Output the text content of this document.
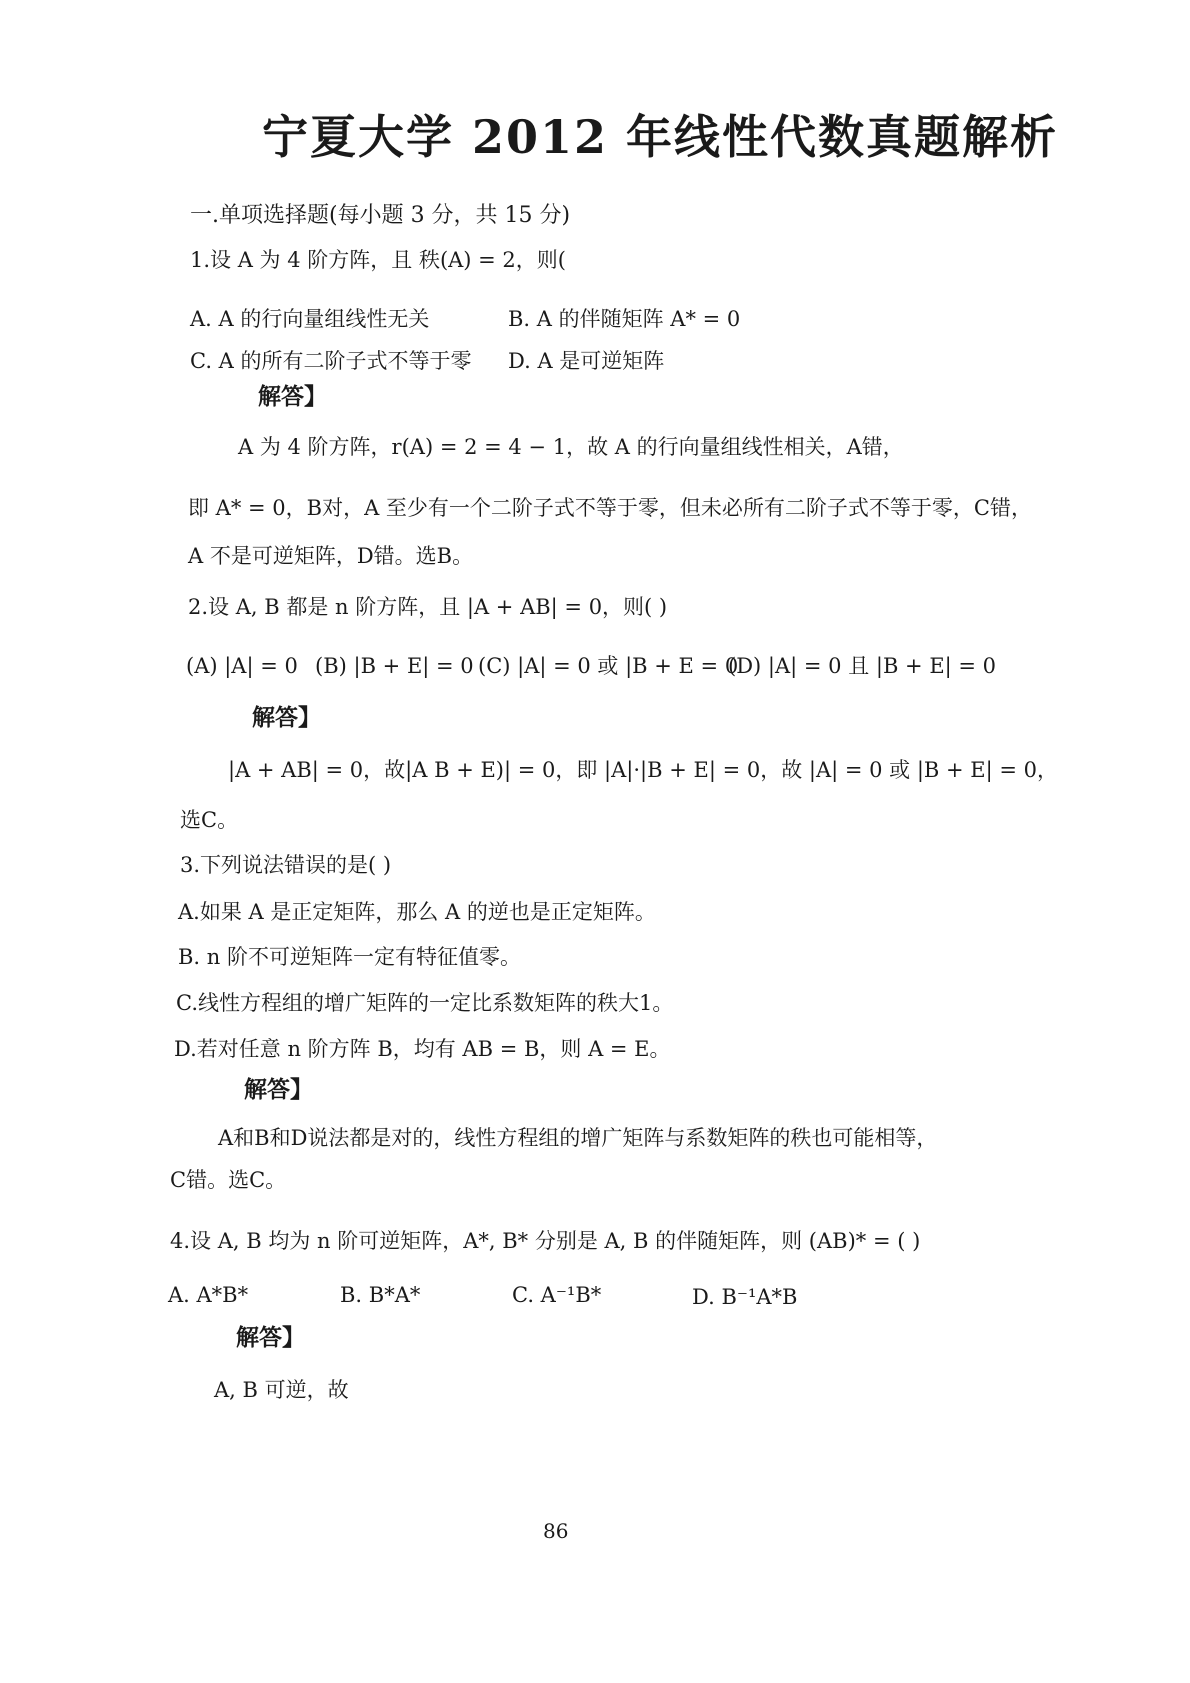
宁夏大学 2012 年线性代数真题解析
一.单项选择题(每小题 3 分，共 15 分)
1.设 A 为 4 阶方阵，且 秩(A) = 2，则(
A. A 的行向量组线性无关	B. A 的伴随矩阵 A* = 0
C. A 的所有二阶子式不等于零 D. A 是可逆矩阵
解答】
A 为 4 阶方阵，r(A) = 2 = 4 − 1，故 A 的行向量组线性相关，A错，
即 A* = 0，B对，A 至少有一个二阶子式不等于零，但未必所有二阶子式不等于零，C错，
A 不是可逆矩阵，D错。选B。
2.设 A, B 都是 n 阶方阵，且 |A + AB| = 0，则( )
(A) |A| = 0 (B) |B + E| = 0 (C) |A| = 0 或 |B + E = 0
(D) |A| = 0 且 |B + E| = 0
解答】
|A + AB| = 0，故|A B + E)| = 0，即 |A|·|B + E| = 0，故 |A| = 0 或 |B + E| = 0，
选C。
3.下列说法错误的是( )
A.如果 A 是正定矩阵，那么 A 的逆也是正定矩阵。
B. n 阶不可逆矩阵一定有特征值零。
C.线性方程组的增广矩阵的一定比系数矩阵的秩大1。
D.若对任意 n 阶方阵 B，均有 AB = B，则 A = E。
解答】
A和B和D说法都是对的，线性方程组的增广矩阵与系数矩阵的秩也可能相等，
C错。选C。
4.设 A, B 均为 n 阶可逆矩阵，A*, B* 分别是 A, B 的伴随矩阵，则 (AB)* = ( )
A. A*B*	B. B*A*	C. A⁻¹B*	D. B⁻¹A*B
解答】
A, B 可逆，故
86
